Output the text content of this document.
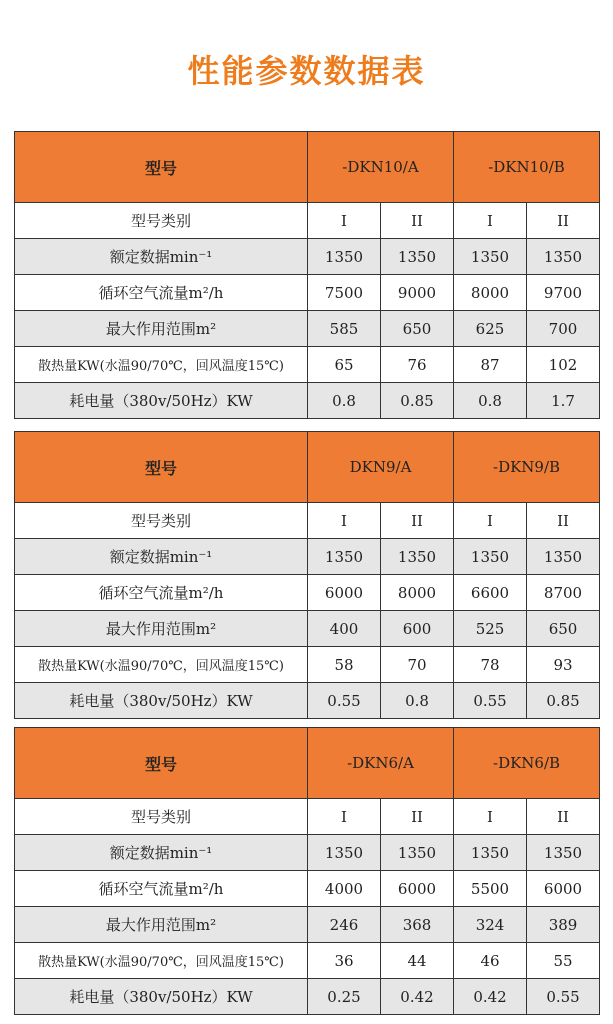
性能参数数据表
型号	-DKN10/A		-DKN10/B	
型号类别	I	II	I	II
额定数据min⁻¹	1350	1350	1350	1350
循环空气流量m²/h	7500	9000	8000	9700
最大作用范围m²	585	650	625	700
散热量KW(水温90/70℃，回风温度15℃)	65	76	87	102
耗电量（380v/50Hz）KW	0.8	0.85	0.8	1.7
型号	DKN9/A		-DKN9/B	
型号类别	I	II	I	II
额定数据min⁻¹	1350	1350	1350	1350
循环空气流量m²/h	6000	8000	6600	8700
最大作用范围m²	400	600	525	650
散热量KW(水温90/70℃，回风温度15℃)	58	70	78	93
耗电量（380v/50Hz）KW	0.55	0.8	0.55	0.85
型号	-DKN6/A		-DKN6/B	
型号类别	I	II	I	II
额定数据min⁻¹	1350	1350	1350	1350
循环空气流量m²/h	4000	6000	5500	6000
最大作用范围m²	246	368	324	389
散热量KW(水温90/70℃，回风温度15℃)	36	44	46	55
耗电量（380v/50Hz）KW	0.25	0.42	0.42	0.55
